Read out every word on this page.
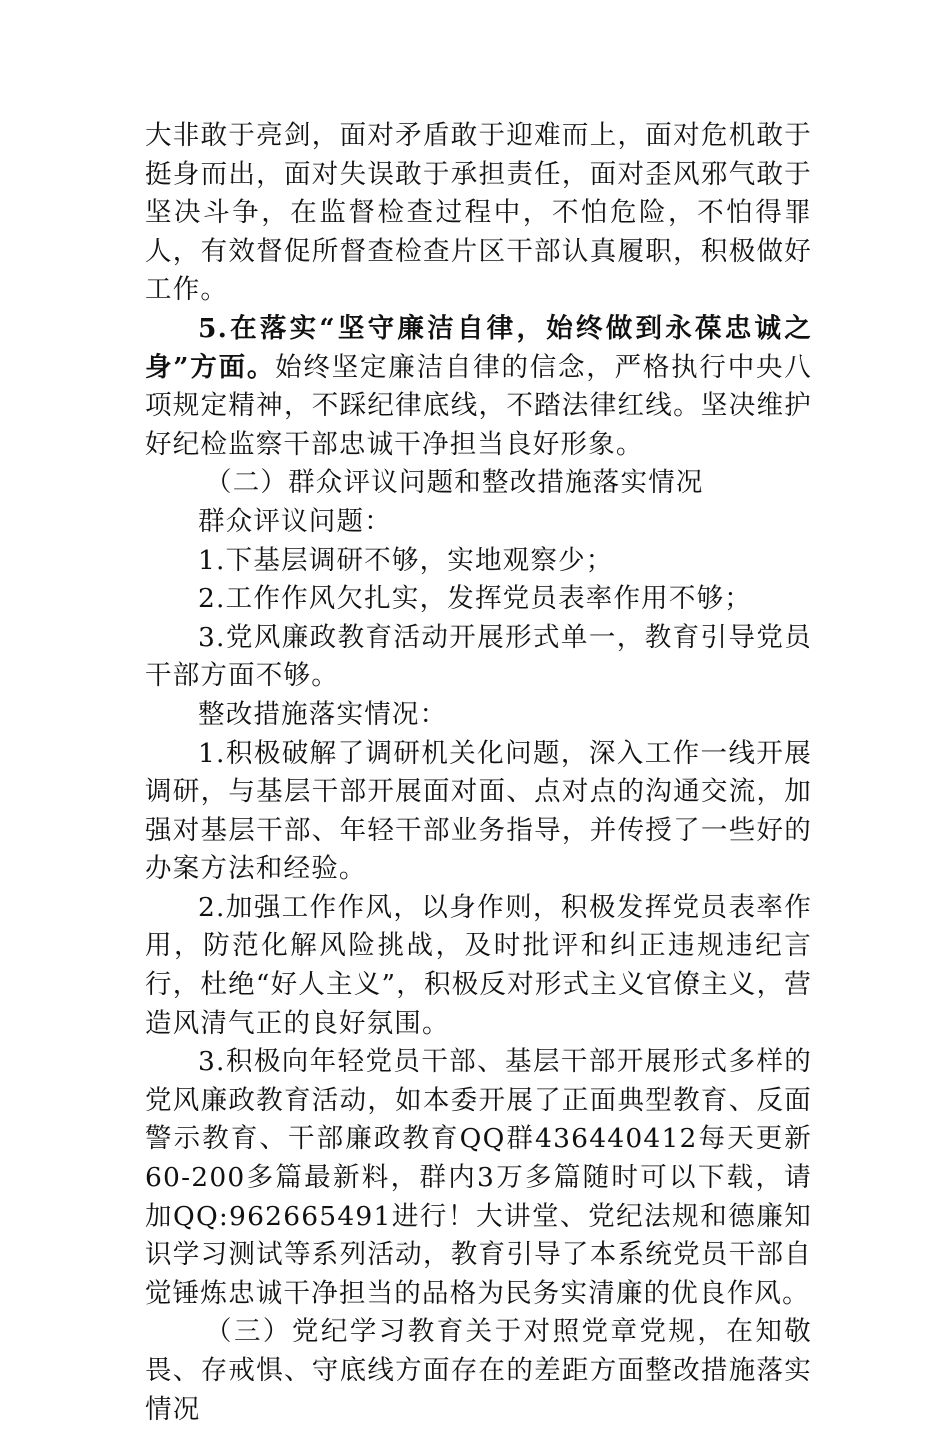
大非敢于亮剑，面对矛盾敢于迎难而上，面对危机敢于挺身而出，面对失误敢于承担责任，面对歪风邪气敢于坚决斗争，在监督检查过程中，不怕危险，不怕得罪人，有效督促所督查检查片区干部认真履职，积极做好工作。

5.在落实“坚守廉洁自律，始终做到永葆忠诚之身”方面。始终坚定廉洁自律的信念，严格执行中央八项规定精神，不踩纪律底线，不踏法律红线。坚决维护好纪检监察干部忠诚干净担当良好形象。

（二）群众评议问题和整改措施落实情况

群众评议问题：

1.下基层调研不够，实地观察少；

2.工作作风欠扎实，发挥党员表率作用不够；

3.党风廉政教育活动开展形式单一，教育引导党员干部方面不够。

整改措施落实情况：

1.积极破解了调研机关化问题，深入工作一线开展调研，与基层干部开展面对面、点对点的沟通交流，加强对基层干部、年轻干部业务指导，并传授了一些好的办案方法和经验。

2.加强工作作风，以身作则，积极发挥党员表率作用，防范化解风险挑战，及时批评和纠正违规违纪言行，杜绝“好人主义”，积极反对形式主义官僚主义，营造风清气正的良好氛围。

3.积极向年轻党员干部、基层干部开展形式多样的党风廉政教育活动，如本委开展了正面典型教育、反面警示教育、干部廉政教育QQ群436440412每天更新60-200多篇最新料，群内3万多篇随时可以下载，请加QQ:962665491进行！大讲堂、党纪法规和德廉知识学习测试等系列活动，教育引导了本系统党员干部自觉锤炼忠诚干净担当的品格为民务实清廉的优良作风。

（三）党纪学习教育关于对照党章党规，在知敬畏、存戒惧、守底线方面存在的差距方面整改措施落实情况
